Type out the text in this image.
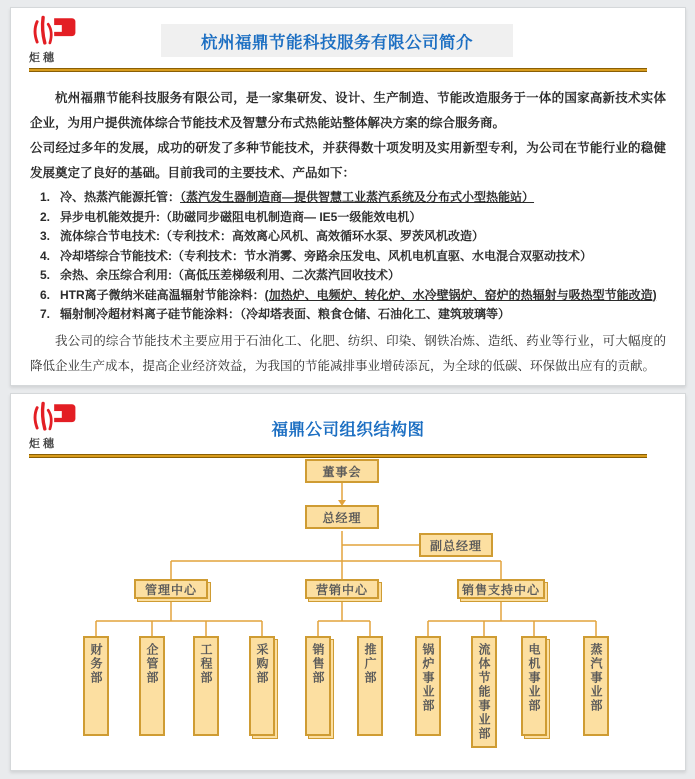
炬穗
杭州福鼎节能科技服务有限公司简介

杭州福鼎节能科技服务有限公司，是一家集研发、设计、生产制造、节能改造服务于一体的国家高新技术实体企业，为用户提供流体综合节能技术及智慧分布式热能站整体解决方案的综合服务商。

公司经过多年的发展，成功的研发了多种节能技术，并获得数十项发明及实用新型专利，为公司在节能行业的稳健发展奠定了良好的基础。目前我司的主要技术、产品如下：

1. 冷、热蒸汽能源托管：（蒸汽发生器制造商—提供智慧工业蒸汽系统及分布式小型热能站）
2. 异步电机能效提升:（助磁同步磁阻电机制造商— IE5一级能效电机）
3. 流体综合节电技术:（专利技术：高效离心风机、高效循环水泵、罗茨风机改造）
4. 冷却塔综合节能技术:（专利技术：节水消雾、旁路余压发电、风机电机直驱、水电混合双驱动技术）
5. 余热、余压综合利用:（高低压差梯级利用、二次蒸汽回收技术）
6. HTR离子微纳米硅高温辐射节能涂料：(加热炉、电频炉、转化炉、水冷壁锅炉、窑炉的热辐射与吸热型节能改造)
7. 辐射制冷超材料离子硅节能涂料：（冷却塔表面、粮食仓储、石油化工、建筑玻璃等）

我公司的综合节能技术主要应用于石油化工、化肥、纺织、印染、钢铁冶炼、造纸、药业等行业，可大幅度的降低企业生产成本，提高企业经济效益，为我国的节能减排事业增砖添瓦，为全球的低碳、环保做出应有的贡献。

炬穗
福鼎公司组织结构图
董事会
总经理
副总经理
管理中心	营销中心	销售支持中心
财务部	企管部	工程部	采购部	销售部	推广部	锅炉事业部	流体节能事业部	电机事业部	蒸汽事业部
